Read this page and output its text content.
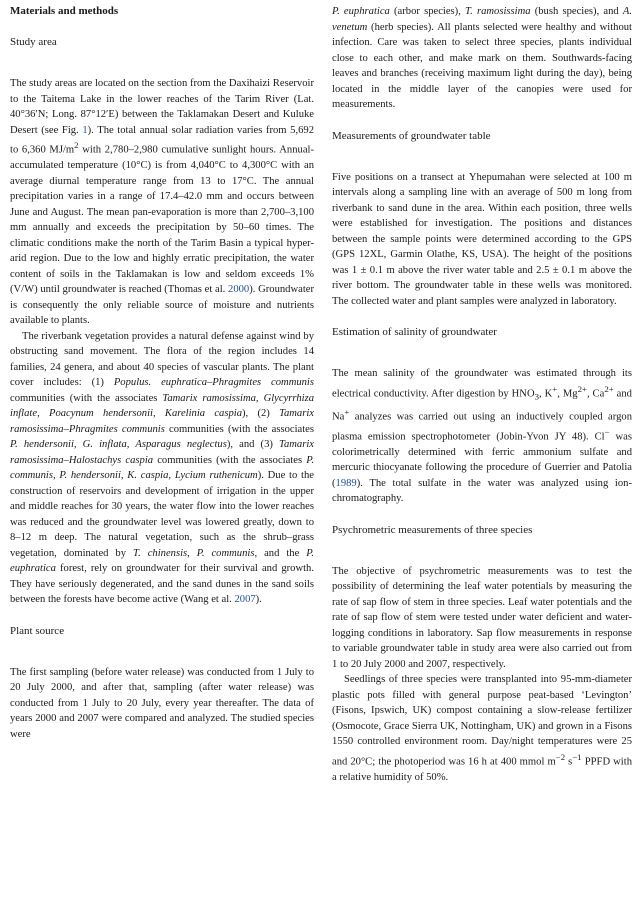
Materials and methods
Study area

The study areas are located on the section from the Daxihaizi Reservoir to the Taitema Lake in the lower reaches of the Tarim River (Lat. 40°36′N; Long. 87°12′E) between the Taklamakan Desert and Kuluke Desert (see Fig. 1). The total annual solar radiation varies from 5,692 to 6,360 $MJ/m^2$ with 2,780–2,980 cumulative sunlight hours. Annual-accumulated temperature (10°C) is from 4,040°C to 4,300°C with an average diurnal temperature range from 13 to 17°C. The annual precipitation varies in a range of 17.4–42.0 mm and occurs between June and August. The mean pan-evaporation is more than 2,700–3,100 mm annually and exceeds the precipitation by 50–60 times. The climatic conditions make the north of the Tarim Basin a typical hyper-arid region. Due to the low and highly erratic precipitation, the water content of soils in the Taklamakan is low and seldom exceeds 1% (V/W) until groundwater is reached (Thomas et al. 2000). Groundwater is consequently the only reliable source of moisture and nutrients available to plants.

The riverbank vegetation provides a natural defense against wind by obstructing sand movement. The flora of the region includes 14 families, 24 genera, and about 40 species of vascular plants. The plant cover includes: (1) Populus. euphratica–Phragmites communis communities (with the associates Tamarix ramosissima, Glycyrrhiza inflate, Poacynum hendersonii, Karelinia caspia), (2) Tamarix ramosissima–Phragmites communis communities (with the associates P. hendersonii, G. inflata, Asparagus neglectus), and (3) Tamarix ramosissima–Halostachys caspia communities (with the associates P. communis, P. hendersonii, K. caspia, Lycium ruthenicum). Due to the construction of reservoirs and development of irrigation in the upper and middle reaches for 30 years, the water flow into the lower reaches was reduced and the groundwater level was lowered greatly, down to 8–12 m deep. The natural vegetation, such as the shrub–grass vegetation, dominated by T. chinensis, P. communis, and the P. euphratica forest, rely on groundwater for their survival and growth. They have seriously degenerated, and the sand dunes in the sand soils between the forests have become active (Wang et al. 2007).

Plant source

The first sampling (before water release) was conducted from 1 July to 20 July 2000, and after that, sampling (after water release) was conducted from 1 July to 20 July, every year thereafter. The data of years 2000 and 2007 were compared and analyzed. The studied species were

P. euphratica (arbor species), T. ramosissima (bush species), and A. venetum (herb species). All plants selected were healthy and without infection. Care was taken to select three species, plants individual close to each other, and make mark on them. Southwards-facing leaves and branches (receiving maximum light during the day), being located in the middle layer of the canopies were used for measurements.

Measurements of groundwater table

Five positions on a transect at Yhepumahan were selected at 100 m intervals along a sampling line with an average of 500 m long from riverbank to sand dune in the area. Within each position, three wells were established for investigation. The positions and distances between the sample points were determined according to the GPS (GPS 12XL, Garmin Olathe, KS, USA). The height of the positions was 1 ± 0.1 m above the river water table and 2.5 ± 0.1 m above the river bottom. The groundwater table in these wells was monitored. The collected water and plant samples were analyzed in laboratory.

Estimation of salinity of groundwater

The mean salinity of the groundwater was estimated through its electrical conductivity. After digestion by $HNO_3$, K+, $Mg^{2+}$, $Ca^{2+}$ and Na+ analyzes was carried out using an inductively coupled argon plasma emission spectrophotometer (Jobin-Yvon JY 48). Cl− was colorimetrically determined with ferric ammonium sulfate and mercuric thiocyanate following the procedure of Guerrier and Patolia (1989). The total sulfate in the water was analyzed using ion-chromatography.

Psychrometric measurements of three species

The objective of psychrometric measurements was to test the possibility of determining the leaf water potentials by measuring the rate of sap flow of stem in three species. Leaf water potentials and the rate of sap flow of stem were tested under water deficient and water-logging conditions in laboratory. Sap flow measurements in response to variable groundwater table in study area were also carried out from 1 to 20 July 2000 and 2007, respectively.

Seedlings of three species were transplanted into 95-mm-diameter plastic pots filled with general purpose peat-based ‘Levington’ (Fisons, Ipswich, UK) compost containing a slow-release fertilizer (Osmocote, Grace Sierra UK, Nottingham, UK) and grown in a Fisons 1550 controlled environment room. Day/night temperatures were 25 and 20°C; the photoperiod was 16 h at 400 mmol $m^{-2}$ $s^{-1}$ PPFD with a relative humidity of 50%.
